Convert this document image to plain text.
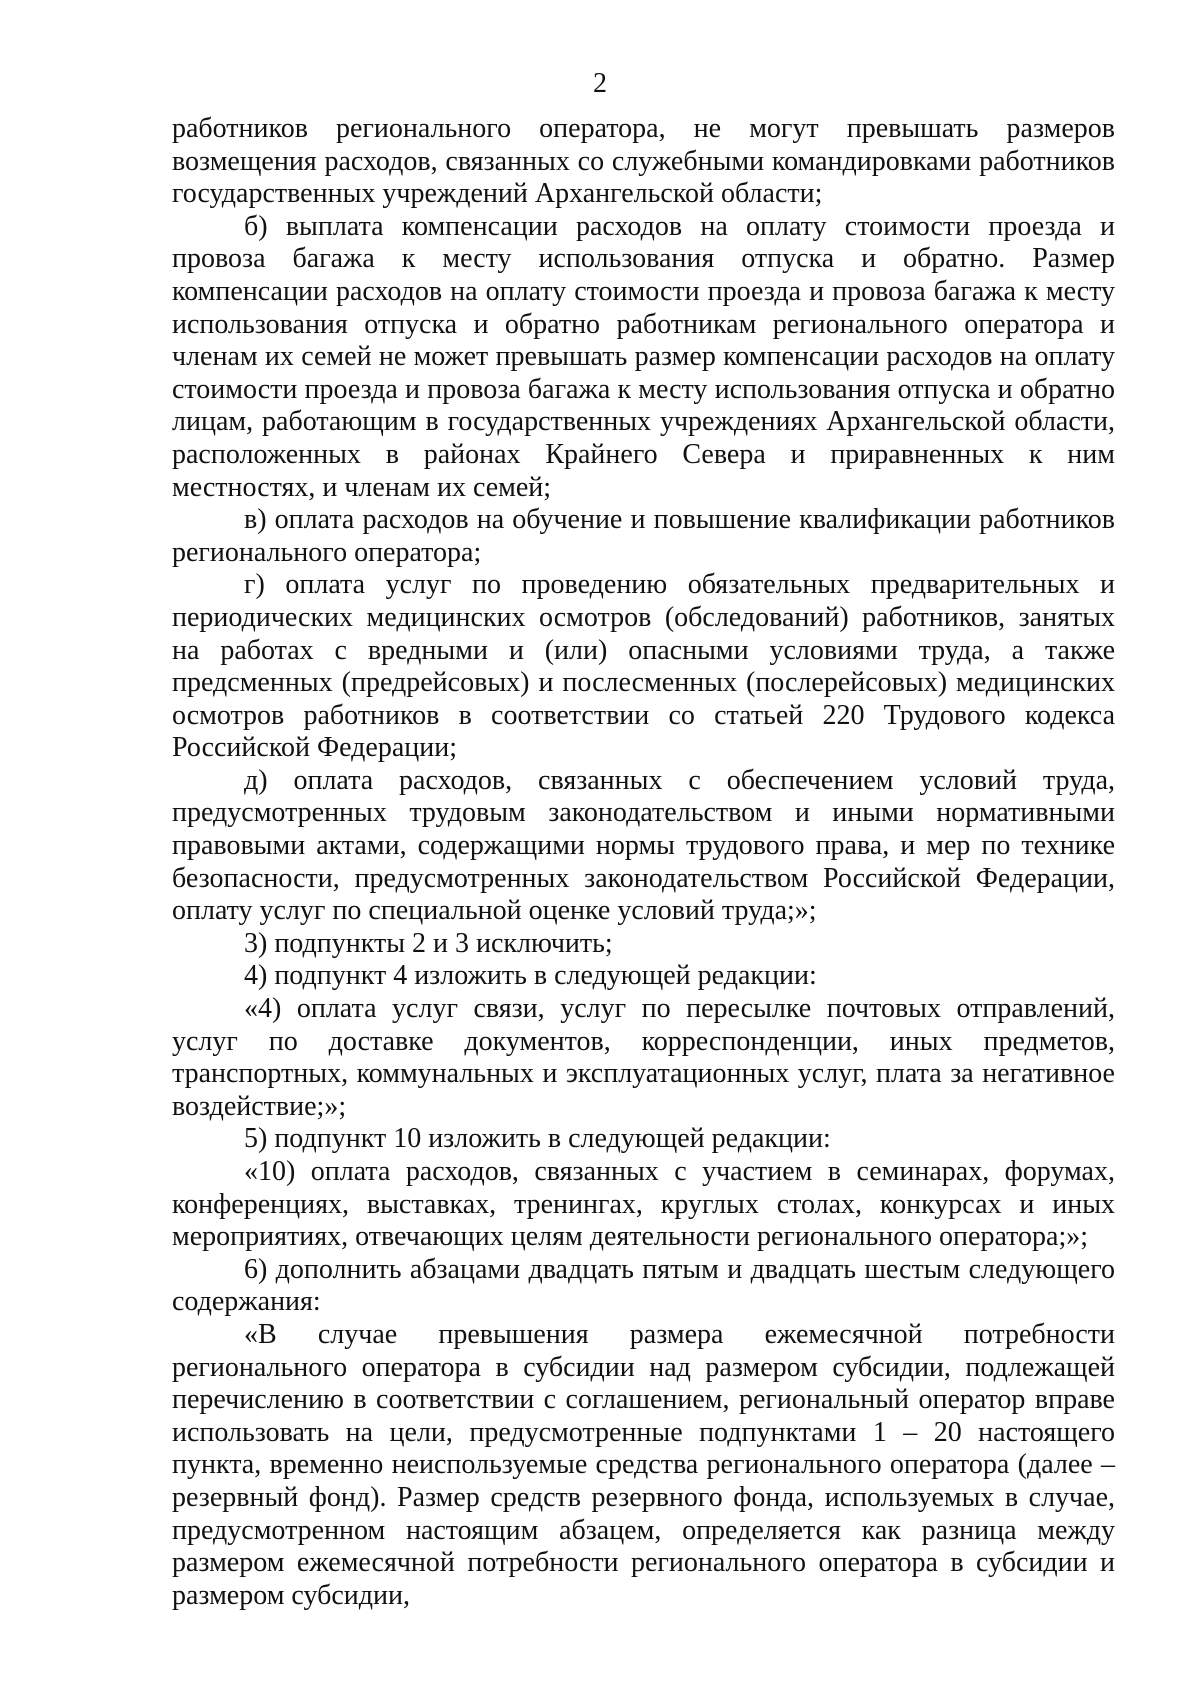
2

работников регионального оператора, не могут превышать размеров возмещения расходов, связанных со служебными командировками работников государственных учреждений Архангельской области;

б) выплата компенсации расходов на оплату стоимости проезда и провоза багажа к месту использования отпуска и обратно. Размер компенсации расходов на оплату стоимости проезда и провоза багажа к месту использования отпуска и обратно работникам регионального оператора и членам их семей не может превышать размер компенсации расходов на оплату стоимости проезда и провоза багажа к месту использования отпуска и обратно лицам, работающим в государственных учреждениях Архангельской области, расположенных в районах Крайнего Севера и приравненных к ним местностях, и членам их семей;

в) оплата расходов на обучение и повышение квалификации работников регионального оператора;

г) оплата услуг по проведению обязательных предварительных и периодических медицинских осмотров (обследований) работников, занятых на работах с вредными и (или) опасными условиями труда, а также предсменных (предрейсовых) и послесменных (послерейсовых) медицинских осмотров работников в соответствии со статьей 220 Трудового кодекса Российской Федерации;

д) оплата расходов, связанных с обеспечением условий труда, предусмотренных трудовым законодательством и иными нормативными правовыми актами, содержащими нормы трудового права, и мер по технике безопасности, предусмотренных законодательством Российской Федерации, оплату услуг по специальной оценке условий труда;»;

3) подпункты 2 и 3 исключить;

4) подпункт 4 изложить в следующей редакции:

«4) оплата услуг связи, услуг по пересылке почтовых отправлений, услуг по доставке документов, корреспонденции, иных предметов, транспортных, коммунальных и эксплуатационных услуг, плата за негативное воздействие;»;

5) подпункт 10 изложить в следующей редакции:

«10) оплата расходов, связанных с участием в семинарах, форумах, конференциях, выставках, тренингах, круглых столах, конкурсах и иных мероприятиях, отвечающих целям деятельности регионального оператора;»;

6) дополнить абзацами двадцать пятым и двадцать шестым следующего содержания:

«В случае превышения размера ежемесячной потребности регионального оператора в субсидии над размером субсидии, подлежащей перечислению в соответствии с соглашением, региональный оператор вправе использовать на цели, предусмотренные подпунктами 1 – 20 настоящего пункта, временно неиспользуемые средства регионального оператора (далее – резервный фонд). Размер средств резервного фонда, используемых в случае, предусмотренном настоящим абзацем, определяется как разница между размером ежемесячной потребности регионального оператора в субсидии и размером субсидии,
